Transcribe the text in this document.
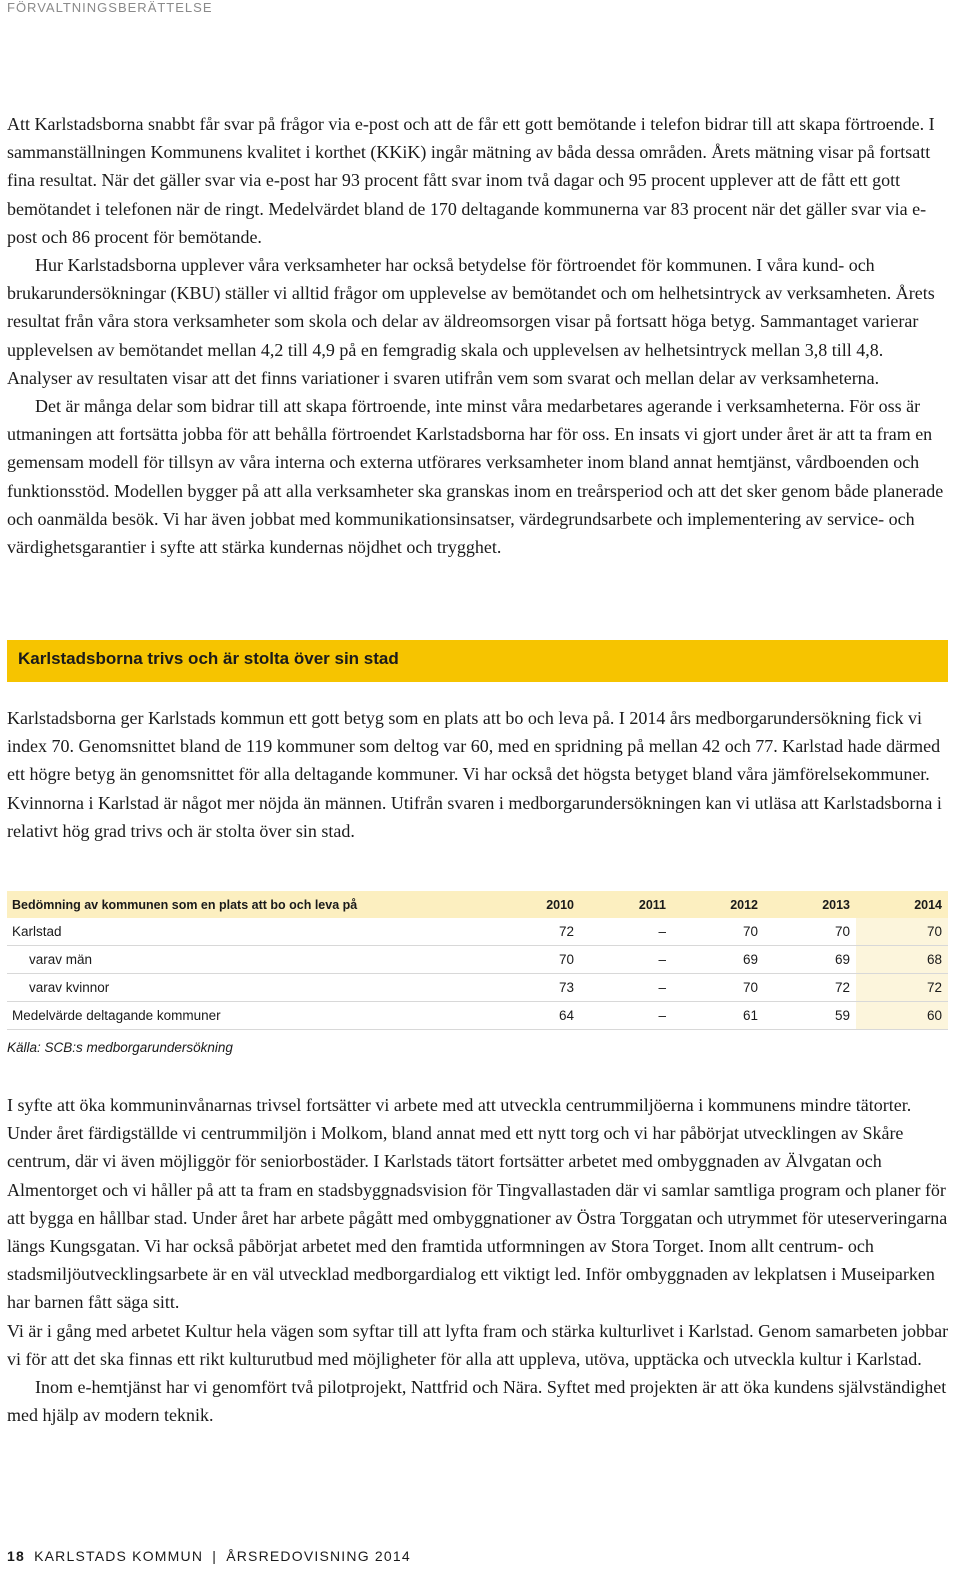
FÖRVALTNINGSBERÄTTELSE

Att Karlstadsborna snabbt får svar på frågor via e-post och att de får ett gott bemötande i telefon bidrar till att skapa förtroende. I sammanställningen Kommunens kvalitet i korthet (KKiK) ingår mätning av båda dessa områden. Årets mätning visar på fortsatt fina resultat. När det gäller svar via e-post har 93 procent fått svar inom två dagar och 95 procent upplever att de fått ett gott bemötandet i telefonen när de ringt. Medelvärdet bland de 170 deltagande kommunerna var 83 procent när det gäller svar via e-post och 86 procent för bemötande.

Hur Karlstadsborna upplever våra verksamheter har också betydelse för förtroendet för kommunen. I våra kund- och brukarundersökningar (KBU) ställer vi alltid frågor om upplevelse av bemötandet och om helhetsintryck av verksamheten. Årets resultat från våra stora verksamheter som skola och delar av äldreomsorgen visar på fortsatt höga betyg. Sammantaget varierar upplevelsen av bemötandet mellan 4,2 till 4,9 på en femgradig skala och upplevelsen av helhetsintryck mellan 3,8 till 4,8. Analyser av resultaten visar att det finns variationer i svaren utifrån vem som svarat och mellan delar av verksamheterna.

Det är många delar som bidrar till att skapa förtroende, inte minst våra medarbetares agerande i verksamheterna. För oss är utmaningen att fortsätta jobba för att behålla förtroendet Karlstadsborna har för oss. En insats vi gjort under året är att ta fram en gemensam modell för tillsyn av våra interna och externa utförares verksamheter inom bland annat hemtjänst, vårdboenden och funktionsstöd. Modellen bygger på att alla verksamheter ska granskas inom en treårsperiod och att det sker genom både planerade och oanmälda besök. Vi har även jobbat med kommunikationsinsatser, värdegrundsarbete och implementering av service- och värdighetsgarantier i syfte att stärka kundernas nöjdhet och trygghet.

Karlstadsborna trivs och är stolta över sin stad

Karlstadsborna ger Karlstads kommun ett gott betyg som en plats att bo och leva på. I 2014 års medborgarundersökning fick vi index 70. Genomsnittet bland de 119 kommuner som deltog var 60, med en spridning på mellan 42 och 77. Karlstad hade därmed ett högre betyg än genomsnittet för alla deltagande kommuner. Vi har också det högsta betyget bland våra jämförelsekommuner. Kvinnorna i Karlstad är något mer nöjda än männen. Utifrån svaren i medborgarundersökningen kan vi utläsa att Karlstadsborna i relativt hög grad trivs och är stolta över sin stad.

Bedömning av kommunen som en plats att bo och leva på	2010	2011	2012	2013	2014
Karlstad	72	–	70	70	70
varav män	70	–	69	69	68
varav kvinnor	73	–	70	72	72
Medelvärde deltagande kommuner	64	–	61	59	60
Källa: SCB:s medborgarundersökning

I syfte att öka kommuninvånarnas trivsel fortsätter vi arbete med att utveckla centrummiljöerna i kommunens mindre tätorter. Under året färdigställde vi centrummiljön i Molkom, bland annat med ett nytt torg och vi har påbörjat utvecklingen av Skåre centrum, där vi även möjliggör för seniorbostäder. I Karlstads tätort fortsätter arbetet med ombyggnaden av Älvgatan och Almentorget och vi håller på att ta fram en stadsbyggnadsvision för Tingvallastaden där vi samlar samtliga program och planer för att bygga en hållbar stad. Under året har arbete pågått med ombyggnationer av Östra Torggatan och utrymmet för uteserveringarna längs Kungsgatan. Vi har också påbörjat arbetet med den framtida utformningen av Stora Torget. Inom allt centrum- och stadsmiljöutvecklingsarbete är en väl utvecklad medborgardialog ett viktigt led. Inför ombyggnaden av lekplatsen i Museiparken har barnen fått säga sitt.

Vi är i gång med arbetet Kultur hela vägen som syftar till att lyfta fram och stärka kulturlivet i Karlstad. Genom samarbeten jobbar vi för att det ska finnas ett rikt kulturutbud med möjligheter för alla att uppleva, utöva, upptäcka och utveckla kultur i Karlstad.

Inom e-hemtjänst har vi genomfört två pilotprojekt, Nattfrid och Nära. Syftet med projekten är att öka kundens självständighet med hjälp av modern teknik.

18 KARLSTADS KOMMUN | ÅRSREDOVISNING 2014
